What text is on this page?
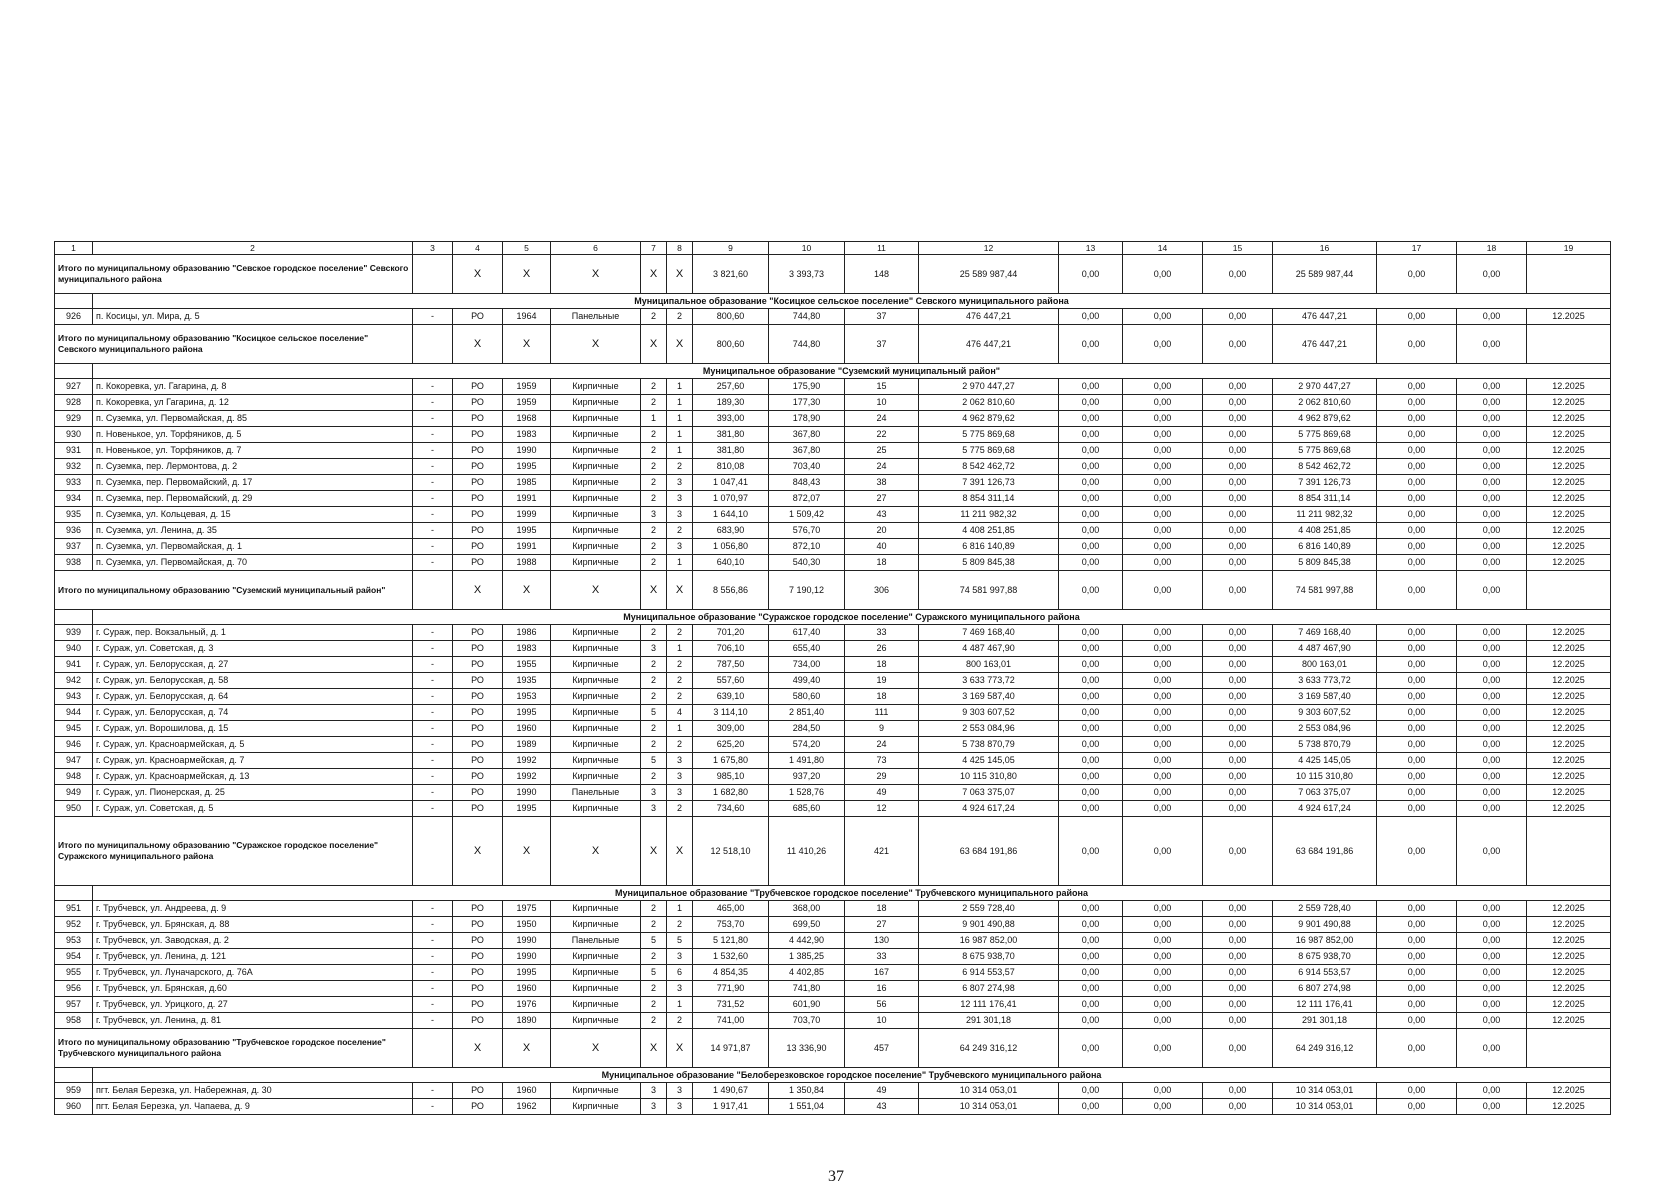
1	2	3	4	5	6	7	8	9	10	11	12	13	14	15	16	17	18	19
Итого по муниципальному образованию "Севское городское поселение" Севского муниципального района			X	X	X	X	X	3 821,60	3 393,73	148	25 589 987,44	0,00	0,00	0,00	25 589 987,44	0,00	0,00	
	Муниципальное образование "Косицкое сельское поселение" Севского муниципального района																	
926	п. Косицы, ул. Мира, д. 5	-	РО	1964	Панельные	2	2	800,60	744,80	37	476 447,21	0,00	0,00	0,00	476 447,21	0,00	0,00	12.2025
Итого по муниципальному образованию "Косицкое сельское поселение" Севского муниципального района			X	X	X	X	X	800,60	744,80	37	476 447,21	0,00	0,00	0,00	476 447,21	0,00	0,00	
	Муниципальное образование "Суземский муниципальный район"																	
927	п. Кокоревка, ул. Гагарина, д. 8	-	РО	1959	Кирпичные	2	1	257,60	175,90	15	2 970 447,27	0,00	0,00	0,00	2 970 447,27	0,00	0,00	12.2025
928	п. Кокоревка, ул Гагарина, д. 12	-	РО	1959	Кирпичные	2	1	189,30	177,30	10	2 062 810,60	0,00	0,00	0,00	2 062 810,60	0,00	0,00	12.2025
929	п. Суземка, ул. Первомайская, д. 85	-	РО	1968	Кирпичные	1	1	393,00	178,90	24	4 962 879,62	0,00	0,00	0,00	4 962 879,62	0,00	0,00	12.2025
930	п. Новенькое, ул. Торфяников, д. 5	-	РО	1983	Кирпичные	2	1	381,80	367,80	22	5 775 869,68	0,00	0,00	0,00	5 775 869,68	0,00	0,00	12.2025
931	п. Новенькое, ул. Торфяников, д. 7	-	РО	1990	Кирпичные	2	1	381,80	367,80	25	5 775 869,68	0,00	0,00	0,00	5 775 869,68	0,00	0,00	12.2025
932	п. Суземка, пер. Лермонтова, д. 2	-	РО	1995	Кирпичные	2	2	810,08	703,40	24	8 542 462,72	0,00	0,00	0,00	8 542 462,72	0,00	0,00	12.2025
933	п. Суземка, пер. Первомайский, д. 17	-	РО	1985	Кирпичные	2	3	1 047,41	848,43	38	7 391 126,73	0,00	0,00	0,00	7 391 126,73	0,00	0,00	12.2025
934	п. Суземка, пер. Первомайский, д. 29	-	РО	1991	Кирпичные	2	3	1 070,97	872,07	27	8 854 311,14	0,00	0,00	0,00	8 854 311,14	0,00	0,00	12.2025
935	п. Суземка, ул. Кольцевая, д. 15	-	РО	1999	Кирпичные	3	3	1 644,10	1 509,42	43	11 211 982,32	0,00	0,00	0,00	11 211 982,32	0,00	0,00	12.2025
936	п. Суземка, ул. Ленина, д. 35	-	РО	1995	Кирпичные	2	2	683,90	576,70	20	4 408 251,85	0,00	0,00	0,00	4 408 251,85	0,00	0,00	12.2025
937	п. Суземка, ул. Первомайская, д. 1	-	РО	1991	Кирпичные	2	3	1 056,80	872,10	40	6 816 140,89	0,00	0,00	0,00	6 816 140,89	0,00	0,00	12.2025
938	п. Суземка, ул. Первомайская, д. 70	-	РО	1988	Кирпичные	2	1	640,10	540,30	18	5 809 845,38	0,00	0,00	0,00	5 809 845,38	0,00	0,00	12.2025
Итого по муниципальному образованию "Суземский муниципальный район"			X	X	X	X	X	8 556,86	7 190,12	306	74 581 997,88	0,00	0,00	0,00	74 581 997,88	0,00	0,00	
	Муниципальное образование "Суражское городское поселение" Суражского муниципального района																	
939	г. Сураж, пер. Вокзальный, д. 1	-	РО	1986	Кирпичные	2	2	701,20	617,40	33	7 469 168,40	0,00	0,00	0,00	7 469 168,40	0,00	0,00	12.2025
940	г. Сураж, ул. Советская, д. 3	-	РО	1983	Кирпичные	3	1	706,10	655,40	26	4 487 467,90	0,00	0,00	0,00	4 487 467,90	0,00	0,00	12.2025
941	г. Сураж, ул. Белорусская, д. 27	-	РО	1955	Кирпичные	2	2	787,50	734,00	18	800 163,01	0,00	0,00	0,00	800 163,01	0,00	0,00	12.2025
942	г. Сураж, ул. Белорусская, д. 58	-	РО	1935	Кирпичные	2	2	557,60	499,40	19	3 633 773,72	0,00	0,00	0,00	3 633 773,72	0,00	0,00	12.2025
943	г. Сураж, ул. Белорусская, д. 64	-	РО	1953	Кирпичные	2	2	639,10	580,60	18	3 169 587,40	0,00	0,00	0,00	3 169 587,40	0,00	0,00	12.2025
944	г. Сураж, ул. Белорусская, д. 74	-	РО	1995	Кирпичные	5	4	3 114,10	2 851,40	111	9 303 607,52	0,00	0,00	0,00	9 303 607,52	0,00	0,00	12.2025
945	г. Сураж, ул. Ворошилова, д. 15	-	РО	1960	Кирпичные	2	1	309,00	284,50	9	2 553 084,96	0,00	0,00	0,00	2 553 084,96	0,00	0,00	12.2025
946	г. Сураж, ул. Красноармейская, д. 5	-	РО	1989	Кирпичные	2	2	625,20	574,20	24	5 738 870,79	0,00	0,00	0,00	5 738 870,79	0,00	0,00	12.2025
947	г. Сураж, ул. Красноармейская, д. 7	-	РО	1992	Кирпичные	5	3	1 675,80	1 491,80	73	4 425 145,05	0,00	0,00	0,00	4 425 145,05	0,00	0,00	12.2025
948	г. Сураж, ул. Красноармейская, д. 13	-	РО	1992	Кирпичные	2	3	985,10	937,20	29	10 115 310,80	0,00	0,00	0,00	10 115 310,80	0,00	0,00	12.2025
949	г. Сураж, ул. Пионерская, д. 25	-	РО	1990	Панельные	3	3	1 682,80	1 528,76	49	7 063 375,07	0,00	0,00	0,00	7 063 375,07	0,00	0,00	12.2025
950	г. Сураж, ул. Советская, д. 5	-	РО	1995	Кирпичные	3	2	734,60	685,60	12	4 924 617,24	0,00	0,00	0,00	4 924 617,24	0,00	0,00	12.2025
Итого по муниципальному образованию "Суражское городское поселение" Суражского муниципального района			X	X	X	X	X	12 518,10	11 410,26	421	63 684 191,86	0,00	0,00	0,00	63 684 191,86	0,00	0,00	
	Муниципальное образование "Трубчевское городское поселение" Трубчевского муниципального района																	
951	г. Трубчевск, ул. Андреева, д. 9	-	РО	1975	Кирпичные	2	1	465,00	368,00	18	2 559 728,40	0,00	0,00	0,00	2 559 728,40	0,00	0,00	12.2025
952	г. Трубчевск, ул. Брянская, д. 88	-	РО	1950	Кирпичные	2	2	753,70	699,50	27	9 901 490,88	0,00	0,00	0,00	9 901 490,88	0,00	0,00	12.2025
953	г. Трубчевск, ул. Заводская, д. 2	-	РО	1990	Панельные	5	5	5 121,80	4 442,90	130	16 987 852,00	0,00	0,00	0,00	16 987 852,00	0,00	0,00	12.2025
954	г. Трубчевск, ул. Ленина, д. 121	-	РО	1990	Кирпичные	2	3	1 532,60	1 385,25	33	8 675 938,70	0,00	0,00	0,00	8 675 938,70	0,00	0,00	12.2025
955	г. Трубчевск, ул. Луначарского, д. 76А	-	РО	1995	Кирпичные	5	6	4 854,35	4 402,85	167	6 914 553,57	0,00	0,00	0,00	6 914 553,57	0,00	0,00	12.2025
956	г. Трубчевск, ул. Брянская, д.60	-	РО	1960	Кирпичные	2	3	771,90	741,80	16	6 807 274,98	0,00	0,00	0,00	6 807 274,98	0,00	0,00	12.2025
957	г. Трубчевск, ул. Урицкого, д. 27	-	РО	1976	Кирпичные	2	1	731,52	601,90	56	12 111 176,41	0,00	0,00	0,00	12 111 176,41	0,00	0,00	12.2025
958	г. Трубчевск, ул. Ленина, д. 81	-	РО	1890	Кирпичные	2	2	741,00	703,70	10	291 301,18	0,00	0,00	0,00	291 301,18	0,00	0,00	12.2025
Итого по муниципальному образованию "Трубчевское городское поселение" Трубчевского муниципального района			X	X	X	X	X	14 971,87	13 336,90	457	64 249 316,12	0,00	0,00	0,00	64 249 316,12	0,00	0,00	
	Муниципальное образование "Белоберезковское городское поселение" Трубчевского муниципального района																	
959	пгт. Белая Березка, ул. Набережная, д. 30	-	РО	1960	Кирпичные	3	3	1 490,67	1 350,84	49	10 314 053,01	0,00	0,00	0,00	10 314 053,01	0,00	0,00	12.2025
960	пгт. Белая Березка, ул. Чапаева, д. 9	-	РО	1962	Кирпичные	3	3	1 917,41	1 551,04	43	10 314 053,01	0,00	0,00	0,00	10 314 053,01	0,00	0,00	12.2025
37
